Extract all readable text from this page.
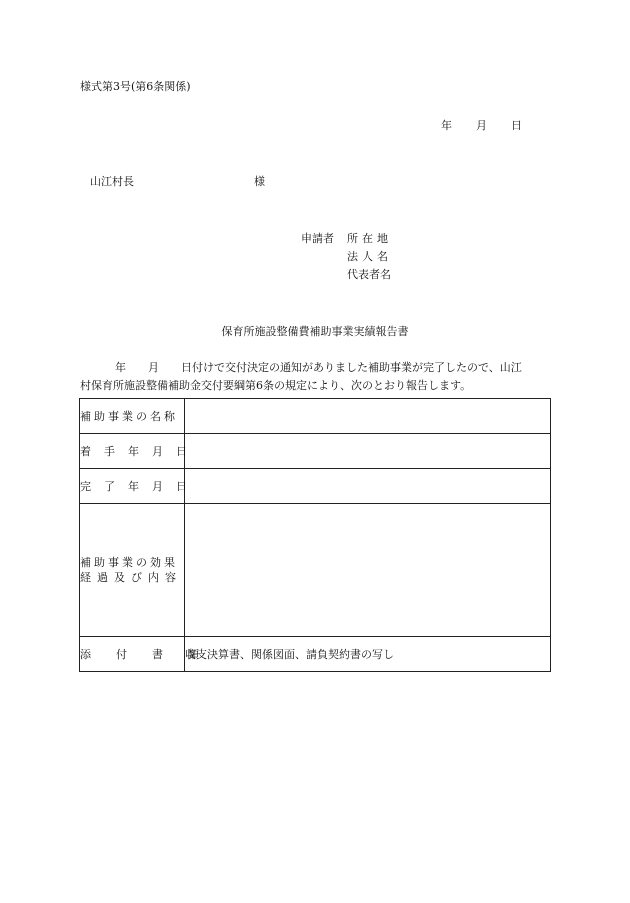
様式第3号(第6条関係)
年 月 日
山江村長	様
申請者 所在地
法人名
代表者名
保育所施設整備費補助事業実績報告書
年 月 日付けで交付決定の通知がありました補助事業が完了したので、山江
村保育所施設整備補助金交付要綱第6条の規定により、次のとおり報告します。
補助事業の名称	

着手年月日	

完了年月日	

補助事業の効果
経過及び内容	

添付書類	収支決算書、関係図面、請負契約書の写し
